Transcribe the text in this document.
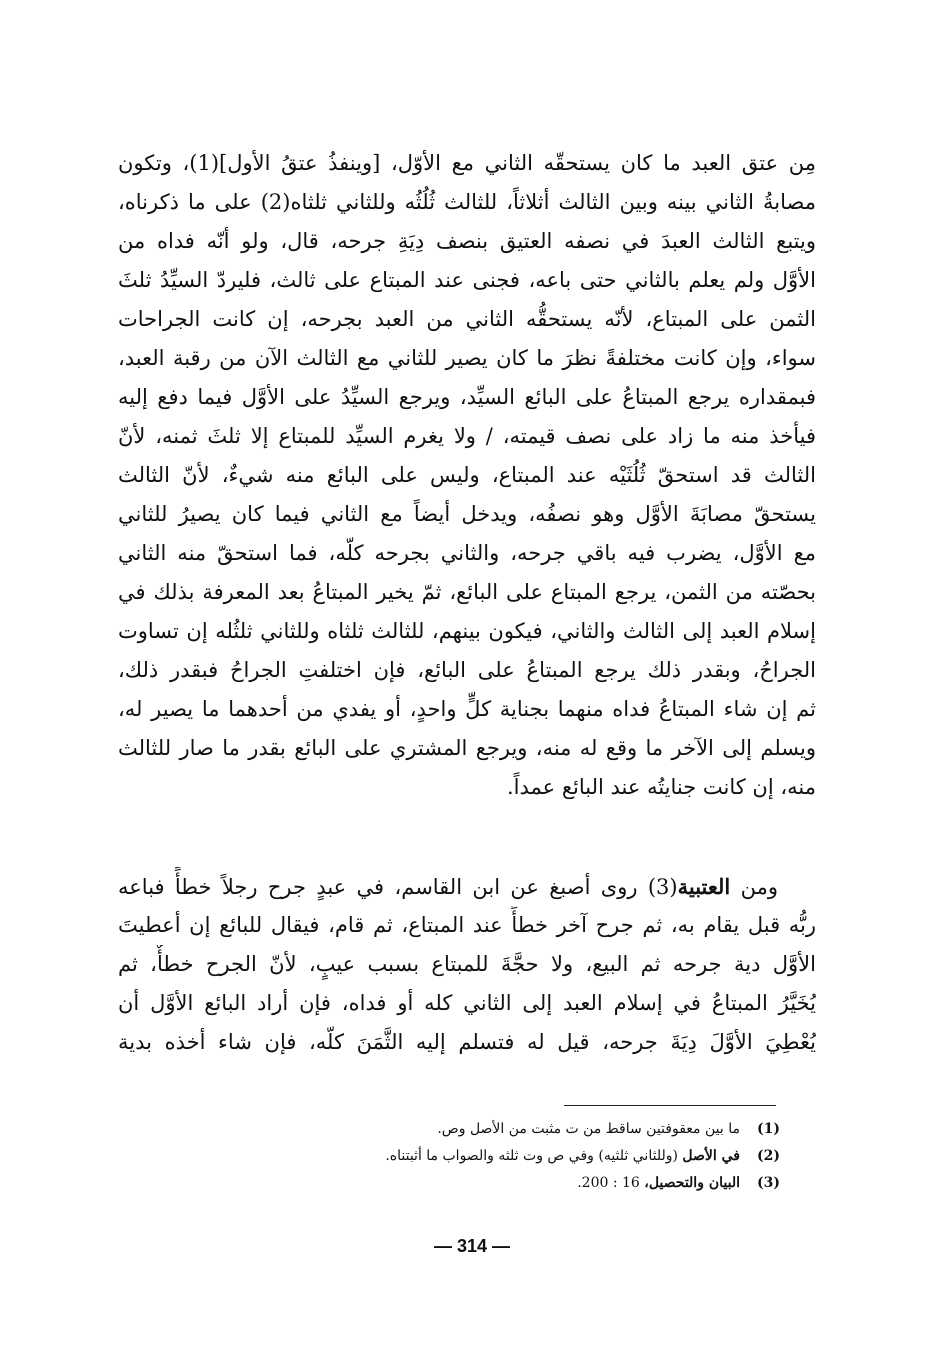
مِن عتق العبد ما كان يستحقّه الثاني مع الأوّل، [وينفذُ عتقُ الأول](1)، وتكون
مصابةُ الثاني بينه وبين الثالث أثلاثاً، للثالث ثُلُثُه وللثاني ثلثاه(2) على ما ذكرناه،
ويتبع الثالث العبدَ في نصفه العتيق بنصف دِيَةِ جرحه، قال، ولو أنّه فداه من
الأوَّل ولم يعلم بالثاني حتى باعه، فجنى عند المبتاع على ثالث، فليردّ السيِّدُ ثلثَ
الثمن على المبتاع، لأنّه يستحقُّه الثاني من العبد بجرحه، إن كانت الجراحات
سواء، وإن كانت مختلفةً نظرَ ما كان يصير للثاني مع الثالث الآن من رقبة العبد،
فبمقداره يرجع المبتاعُ على البائع السيِّد، ويرجع السيِّدُ على الأوَّل فيما دفع إليه
فيأخذ منه ما زاد على نصف قيمته، / ولا يغرم السيِّد للمبتاع إلا ثلثَ ثمنه، لأنّ
الثالث قد استحقّ ثُلُثَيْه عند المبتاع، وليس على البائع منه شيءٌ، لأنّ الثالث
يستحقّ مصابَةَ الأوَّل وهو نصفُه، ويدخل أيضاً مع الثاني فيما كان يصيرُ للثاني
مع الأوَّل، يضرب فيه باقي جرحه، والثاني بجرحه كلّه، فما استحقّ منه الثاني
بحصّته من الثمن، يرجع المبتاع على البائع، ثمّ يخير المبتاعُ بعد المعرفة بذلك في
إسلام العبد إلى الثالث والثاني، فيكون بينهم، للثالث ثلثاه وللثاني ثلثُله إن تساوت
الجراحُ، وبقدر ذلك يرجع المبتاعُ على البائع، فإن اختلفتِ الجراحُ فبقدر ذلك،
ثم إن شاء المبتاعُ فداه منهما بجناية كلٍّ واحدٍ، أو يفدي من أحدهما ما يصير له،
ويسلم إلى الآخر ما وقع له منه، ويرجع المشتري على البائع بقدر ما صار للثالث
منه، إن كانت جنايتُه عند البائع عمداً.
ومن العتبية(3) روى أصبغ عن ابن القاسم، في عبدٍ جرح رجلاً خطأً فباعه
ربُّه قبل يقام به، ثم جرح آخر خطأً عند المبتاع، ثم قام، فيقال للبائع إن أعطيتَ
الأوَّل دية جرحه ثم البيع، ولا حجَّةَ للمبتاع بسبب عيبٍ، لأنّ الجرح خطأٌ، ثم
يُخَيَّرُ المبتاعُ في إسلام العبد إلى الثاني كله أو فداه، فإن أراد البائع الأوَّل أن
يُعْطِيَ الأوَّلَ دِيَةَ جرحه، قيل له فتسلم إليه الثَّمَنَ كلّه، فإن شاء أخذه بدية
(1)ما بين معقوفتين ساقط من ت مثبت من الأصل وص.
(2)في الأصل (وللثاني ثلثيه) وفي ص وت ثلثه والصواب ما أثبتناه.
(3)البيان والتحصيل، 16 : 200.
— 314 —
